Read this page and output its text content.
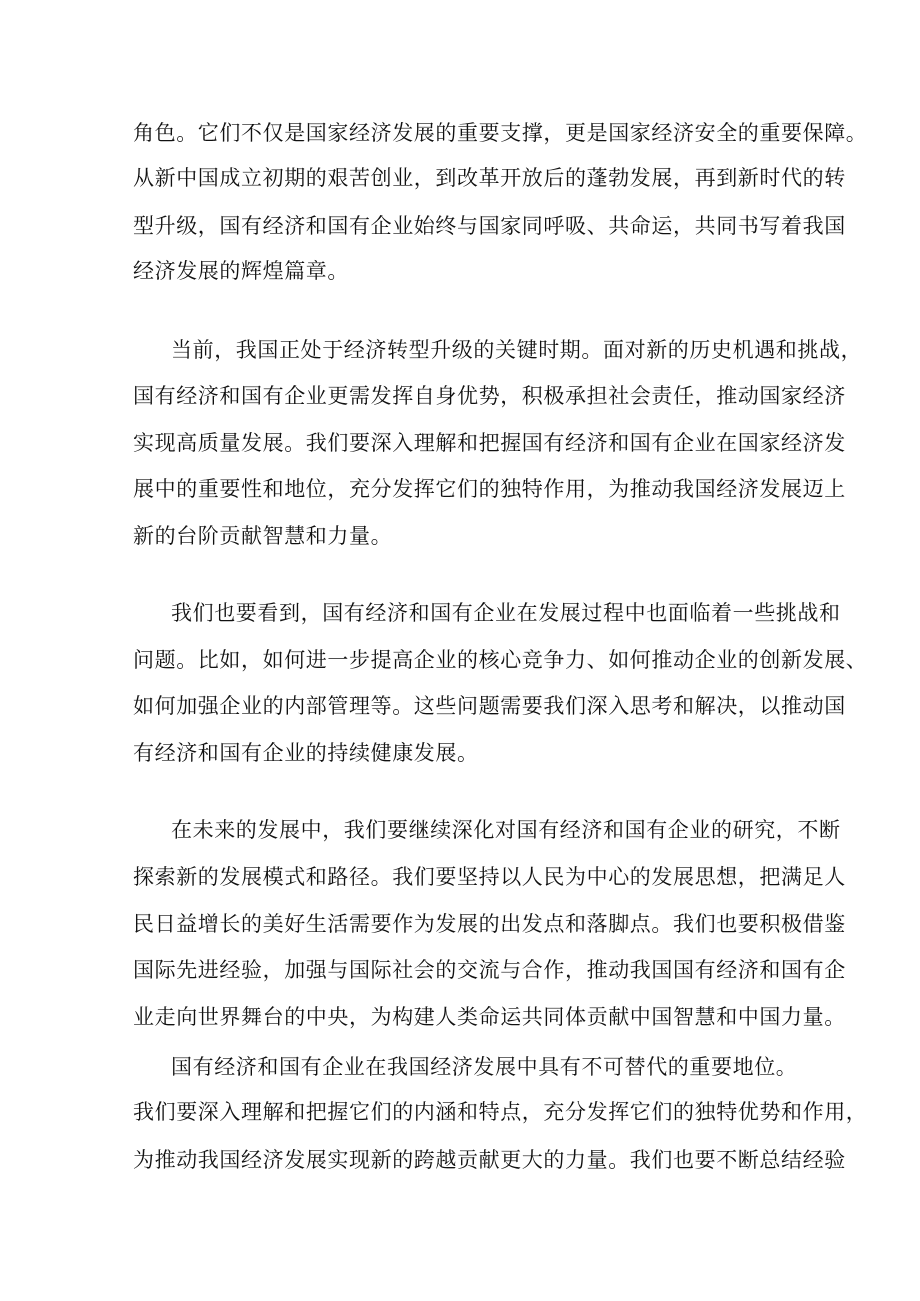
角色。它们不仅是国家经济发展的重要支撑，更是国家经济安全的重要保障。
从新中国成立初期的艰苦创业，到改革开放后的蓬勃发展，再到新时代的转
型升级，国有经济和国有企业始终与国家同呼吸、共命运，共同书写着我国
经济发展的辉煌篇章。
当前，我国正处于经济转型升级的关键时期。面对新的历史机遇和挑战，
国有经济和国有企业更需发挥自身优势，积极承担社会责任，推动国家经济
实现高质量发展。我们要深入理解和把握国有经济和国有企业在国家经济发
展中的重要性和地位，充分发挥它们的独特作用，为推动我国经济发展迈上
新的台阶贡献智慧和力量。
我们也要看到，国有经济和国有企业在发展过程中也面临着一些挑战和
问题。比如，如何进一步提高企业的核心竞争力、如何推动企业的创新发展、
如何加强企业的内部管理等。这些问题需要我们深入思考和解决，以推动国
有经济和国有企业的持续健康发展。
在未来的发展中，我们要继续深化对国有经济和国有企业的研究，不断
探索新的发展模式和路径。我们要坚持以人民为中心的发展思想，把满足人
民日益增长的美好生活需要作为发展的出发点和落脚点。我们也要积极借鉴
国际先进经验，加强与国际社会的交流与合作，推动我国国有经济和国有企
业走向世界舞台的中央，为构建人类命运共同体贡献中国智慧和中国力量。
国有经济和国有企业在我国经济发展中具有不可替代的重要地位。
我们要深入理解和把握它们的内涵和特点，充分发挥它们的独特优势和作用，
为推动我国经济发展实现新的跨越贡献更大的力量。我们也要不断总结经验
